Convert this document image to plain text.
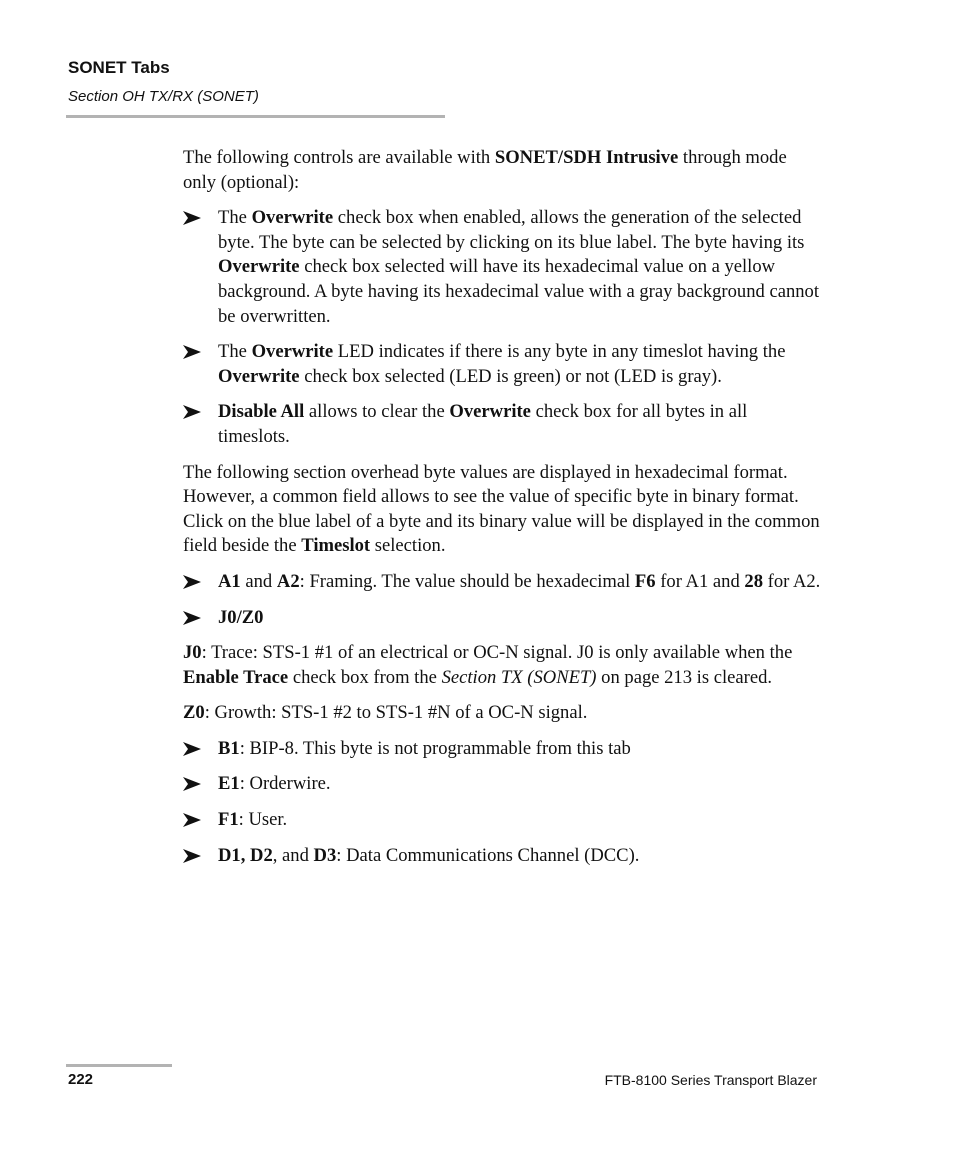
SONET Tabs
Section OH TX/RX (SONET)

The following controls are available with SONET/SDH Intrusive through mode only (optional):

The Overwrite check box when enabled, allows the generation of the selected byte. The byte can be selected by clicking on its blue label. The byte having its Overwrite check box selected will have its hexadecimal value on a yellow background. A byte having its hexadecimal value with a gray background cannot be overwritten.
The Overwrite LED indicates if there is any byte in any timeslot having the Overwrite check box selected (LED is green) or not (LED is gray).
Disable All allows to clear the Overwrite check box for all bytes in all timeslots.

The following section overhead byte values are displayed in hexadecimal format. However, a common field allows to see the value of specific byte in binary format. Click on the blue label of a byte and its binary value will be displayed in the common field beside the Timeslot selection.

A1 and A2: Framing. The value should be hexadecimal F6 for A1 and 28 for A2.
J0/Z0

J0: Trace: STS-1 #1 of an electrical or OC-N signal. J0 is only available when the Enable Trace check box from the Section TX (SONET) on page 213 is cleared.

Z0: Growth: STS-1 #2 to STS-1 #N of a OC-N signal.

B1: BIP-8. This byte is not programmable from this tab
E1: Orderwire.
F1: User.
D1, D2, and D3: Data Communications Channel (DCC).
222	FTB-8100 Series Transport Blazer
